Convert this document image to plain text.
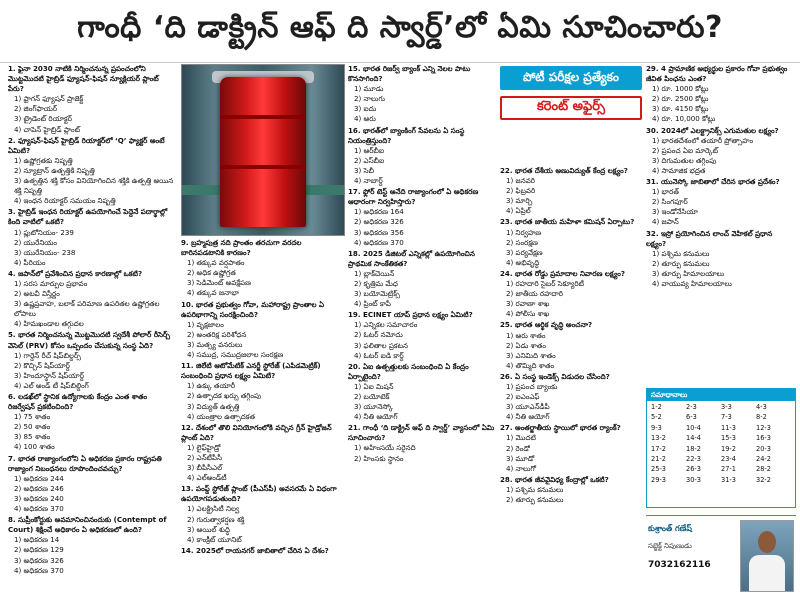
గాంధీ ‘ది డాక్ట్రిన్ ఆఫ్ ది స్వార్డ్’లో ఏమి సూచించారు?
1. ఫైనా 2030 నాటికి నిర్మించనున్న ప్రపంచంలోని మొట్టమొదటి హైబ్రిడ్ ఫ్యూషన్-ఫిషన్ న్యూక్లియర్ ప్లాంట్ పేరు?
1) ఫ్రాగన్ ఫ్యూషన్ ప్రాజెక్ట్
2) జింగ్‌ఫాయర్
3) ట్రైడెంట్ రియాక్టర్
4) చాపెన్ హైబ్రిడ్ ప్లాంట్
2. ఫ్యూషన్-ఫిషన్ హైబ్రిడ్ రియాక్టర్‌లో ‘Q’ ఫ్యాక్టర్ అంటే ఏమిటి?
1) ఉష్ణోగ్రతకు నిష్పత్తి
2) న్యూట్రాన్ ఉత్పత్తికి నిష్పత్తి
3) ఉత్పత్తిన శక్తి కోసం వినియోగించిన శక్తికి ఉత్పత్తి అయిన శక్తి నిష్పత్తి
4) ఇంధన రియాక్టర్ సమయం నిష్పత్తి
3. హైబ్రిడ్ ఇంధన రియాక్టర్ ఉపయోగించే పెద్దెనే పదార్థాల్లో కింది వాటిలో ఒకటి?
1) ప్లుటోనియం- 239
2) యురేనియం
3) యురేనియం- 238
4) పీరియం
4. జపాన్‌లో ప్రవేశించిన ప్రధాన కారణాల్లో ఒకటి?
1) సరస మార్పుల ప్రభావం
2) అటవీ విస్తీర్ణం
3) ఉష్ణప్రవాహ, బలాక్ పరిమాణ ఉపరితల ఉష్ణోగ్రతల లోపాలు
4) హిమఖండాల తగ్గుదల
5. భారత నిర్మించనున్న మొట్టమొదటి స్వదేశీ పోలార్ రీసెర్చ్ వెసెల్ (PRV) కోసం ఒప్పందం చేసుకున్న సంస్థ ఏది?
1) గార్డెన్ రీచ్ షిప్‌బిల్డర్స్
2) కొచ్చిన్ షిప్‌యార్డ్
3) హిందూస్థాన్ షిప్‌యార్డ్
4) ఎల్ అండ్ టీ షిప్‌బిల్డింగ్
6. లడఖ్‌లో స్థానిక ఉద్యోగాలకు కేంద్రం ఎంత శాతం రిజర్వేషన్ ప్రకటించింది?
1) 75 శాతం
2) 50 శాతం
3) 85 శాతం
4) 100 శాతం
7. భారత రాజ్యాంగంలోని ఏ అధికరణ ప్రకారం రాష్ట్రపతి రాజ్యాంగ నిబంధనలు రూపొందించవచ్చు?
1) అధికరణ 244
2) అధికరణ 246
3) అధికరణ 240
4) అధికరణ 370
8. సుప్రీంకోర్టుకు అవమానించినందుకు (Contempt of Court) శిక్షించే అధికారం ఏ అధికరణలో ఉంది?
1) అధికరణ 14
2) అధికరణ 129
3) అధికరణ 326
4) అధికరణ 370
9. బ్రహ్మపుత్ర నది ప్రాంతం తరచుగా వరదల బారినపడటానికి కారణం?
1) తక్కువ వర్షపాతం
2) అధిక ఉష్ణోగ్రత
3) సెడిమెంట్ అవక్షేపణ
4) తక్కువ జనాభా
10. భారత ప్రభుత్వం గోవా, మహారాష్ట్ర ప్రాంతాల ఏ ఉపరిభాగాన్ని సంరక్షించింది?
1) వృక్షజాలం
2) అంతరిక్ష పరిశోధన
3) మత్స్య వనరులు
4) సముద్ర, సముద్రజలాల సంరక్షణ
11. జిలేటి ఆటోమేటిక్ ఎనర్జీ స్టోరేజ్ (ఎపిడమెట్రిక్) సంబంధించి ప్రధాన లక్ష్యం ఏమిటి?
1) ఉక్కు తయారీ
2) ఉత్పాదక ఖర్చు తగ్గింపు
3) విద్యుత్ ఉత్పత్తి
4) యంత్రాల ఉత్పాదకత
12. దేశంలో తొలి వినియోగంలోకి వచ్చిన గ్రీన్ హైడ్రోజన్ ప్లాంట్ ఏది?
1) లైఫ్‌హైడ్రో
2) ఎన్‌టీపీసీ
3) బీపీసీఎల్
4) ఎల్‌అండ్‌టీ
13. పంప్డ్ స్టోరేజ్ ప్లాంట్ (పీఎస్‌పీ) అవసరమే ఏ విధంగా ఉపయోగపడుతుంది?
1) ఎలక్ట్రిసిటీ నిల్వ
2) గురుత్వాకర్షణ శక్తి
3) ఆయిల్ శుద్ధి
4) కాంక్రీట్ యూనిట్
14. 2025లో రాయనగర్ జాబితాలో చేరిన ఏ దేశం?
15. భారత రిజర్వ్ బ్యాంక్ ఎన్ని నెలల పాటు కొనసాగింది?
1) మూడు
2) నాలుగు
3) ఐదు
4) ఆరు
16. భారత్‌లో బ్యాంకింగ్ సేవలను ఏ సంస్థ నియంత్రిస్తుంది?
1) ఆర్‌బీఐ
2) ఎస్‌బీఐ
3) సెబీ
4) నాబార్డ్
17. ఫ్లోర్ టెస్ట్ అనేది రాజ్యాంగంలో ఏ అధికరణ ఆధారంగా నిర్వహిస్తారు?
1) అధికరణ 164
2) అధికరణ 326
3) అధికరణ 356
4) అధికరణ 370
18. 2025 డిజిటల్ ఎన్నికల్లో ఉపయోగించిన ప్రాథమిక సాంకేతికత?
1) బ్లాక్‌చెయిన్
2) కృత్రిమ మేధ
3) బయోమెట్రిక్స్
4) ప్రింట్ కాపీ
19. ECINET యాప్ ప్రధాన లక్ష్యం ఏమిటి?
1) ఎన్నికల సమాచారం
2) ఓటర్ నమోదు
3) ఫలితాల ప్రకటన
4) ఓటర్ ఐడి కార్డ్
20. ఏఐ ఉత్పత్తులకు సంబంధించి ఏ కేంద్రం ఏర్పాటైంది?
1) ఏఐ మిషన్
2) బయోటెక్
3) యూనెస్కో
4) నీతి ఆయోగ్
21. గాంధీ ‘ది డాక్ట్రిన్ ఆఫ్ ది స్వార్డ్’ వ్యాసంలో ఏమి సూచించారు?
1) అహింసయే సరైనది
2) హింసకు స్థానం
పోటీ పరీక్షల ప్రత్యేకం
కరెంట్ అఫైర్స్
22. భారత దేశీయ అణువిద్యుత్ కేంద్ర లక్ష్యం?
1) జనవరి
2) ఫిబ్రవరి
3) మార్చి
4) ఏప్రిల్
23. భారత జాతీయ మహిళా కమిషన్ ఏర్పాటు?
1) నిర్వహణ
2) సంరక్షణ
3) పర్యవేక్షణ
4) అభివృద్ధి
24. భారత రోడ్డు ప్రమాదాల నివారణ లక్ష్యం?
1) రహదారి సైబర్ సెక్యూరిటీ
2) జాతీయ రహదారి
3) రవాణా శాఖ
4) పోలీసు శాఖ
25. భారత ఆర్థిక వృద్ధి అంచనా?
1) ఆరు శాతం
2) ఏడు శాతం
3) ఎనిమిది శాతం
4) తొమ్మిది శాతం
26. ఏ సంస్థ ఇండెక్స్ విడుదల చేసింది?
1) ప్రపంచ బ్యాంకు
2) ఐఎంఎఫ్
3) యూఎన్‌డీపీ
4) నీతి ఆయోగ్
27. అంతర్జాతీయ స్థాయిలో భారత ర్యాంక్?
1) మొదటి
2) రెండో
3) మూడో
4) నాలుగో
28. భారత జీవవైవిధ్య కేంద్రాల్లో ఒకటి?
1) పశ్చిమ కనుమలు
2) తూర్పు కనుమలు
29. 4 ప్రామాణిక అభ్యర్థుల ప్రకారం గోవా ప్రభుత్వం జీవిత పింఛను ఎంత?
1) రూ. 1000 కోట్లు
2) రూ. 2500 కోట్లు
3) రూ. 4150 కోట్లు
4) రూ. 10,000 కోట్లు
30. 2024లో ఎలక్ట్రానిక్స్ ఎగుమతుల లక్ష్యం?
1) భారతదేశంలో తయారీ ప్రోత్సాహం
2) ప్రపంచ ఏఐ మార్కెట్
3) దిగుమతుల తగ్గింపు
4) సామాజిక భద్రత
31. యునెస్కో జాబితాలో చేరిన భారత ప్రదేశం?
1) భారత్
2) సింగపూర్
3) ఇండోనేసియా
4) జపాన్
32. ఇస్రో ప్రయోగించిన లాంచ్ వెహికల్ ప్రధాన లక్ష్యం?
1) పశ్చిమ కనుమలు
2) తూర్పు కనుమలు
3) తూర్పు హిమాలయాలు
4) వాయువ్య హిమాలయాలు
సమాధానాలు
1-2	2-3	3-3	4-3
5-2	6-3	7-3	8-2
9-3	10-4	11-3	12-3
13-2	14-4	15-3	16-3
17-2	18-2	19-2	20-3
21-2	22-3	23-4	24-2
25-3	26-3	27-1	28-2
29-3	30-3	31-3	32-2
కుశ్రాంత్ గణేష్
సబ్జెక్ట్ నిపుణుడు
7032162116
